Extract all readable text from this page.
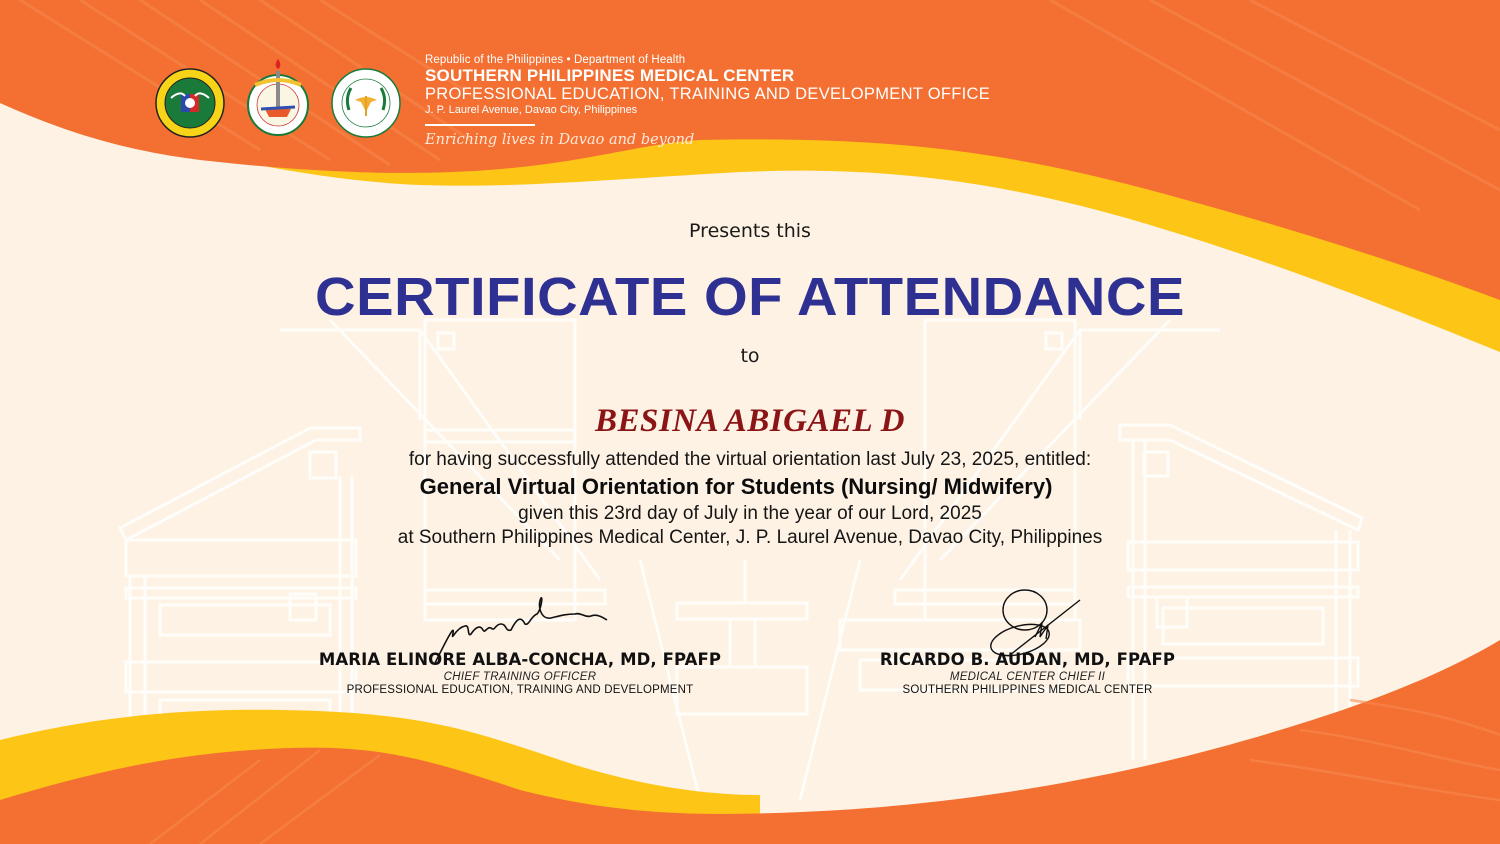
Republic of the Philippines • Department of Health
SOUTHERN PHILIPPINES MEDICAL CENTER
PROFESSIONAL EDUCATION, TRAINING AND DEVELOPMENT OFFICE
J. P. Laurel Avenue, Davao City, Philippines
Enriching lives in Davao and beyond
Presents this
CERTIFICATE OF ATTENDANCE
to
BESINA ABIGAEL D
for having successfully attended the virtual orientation last July 23, 2025, entitled:
General Virtual Orientation for Students (Nursing/ Midwifery)
given this 23rd day of July in the year of our Lord, 2025
at Southern Philippines Medical Center, J. P. Laurel Avenue, Davao City, Philippines
MARIA ELINORE ALBA-CONCHA, MD, FPAFP
CHIEF TRAINING OFFICER
PROFESSIONAL EDUCATION, TRAINING AND DEVELOPMENT
RICARDO B. AUDAN, MD, FPAFP
MEDICAL CENTER CHIEF II
SOUTHERN PHILIPPINES MEDICAL CENTER
